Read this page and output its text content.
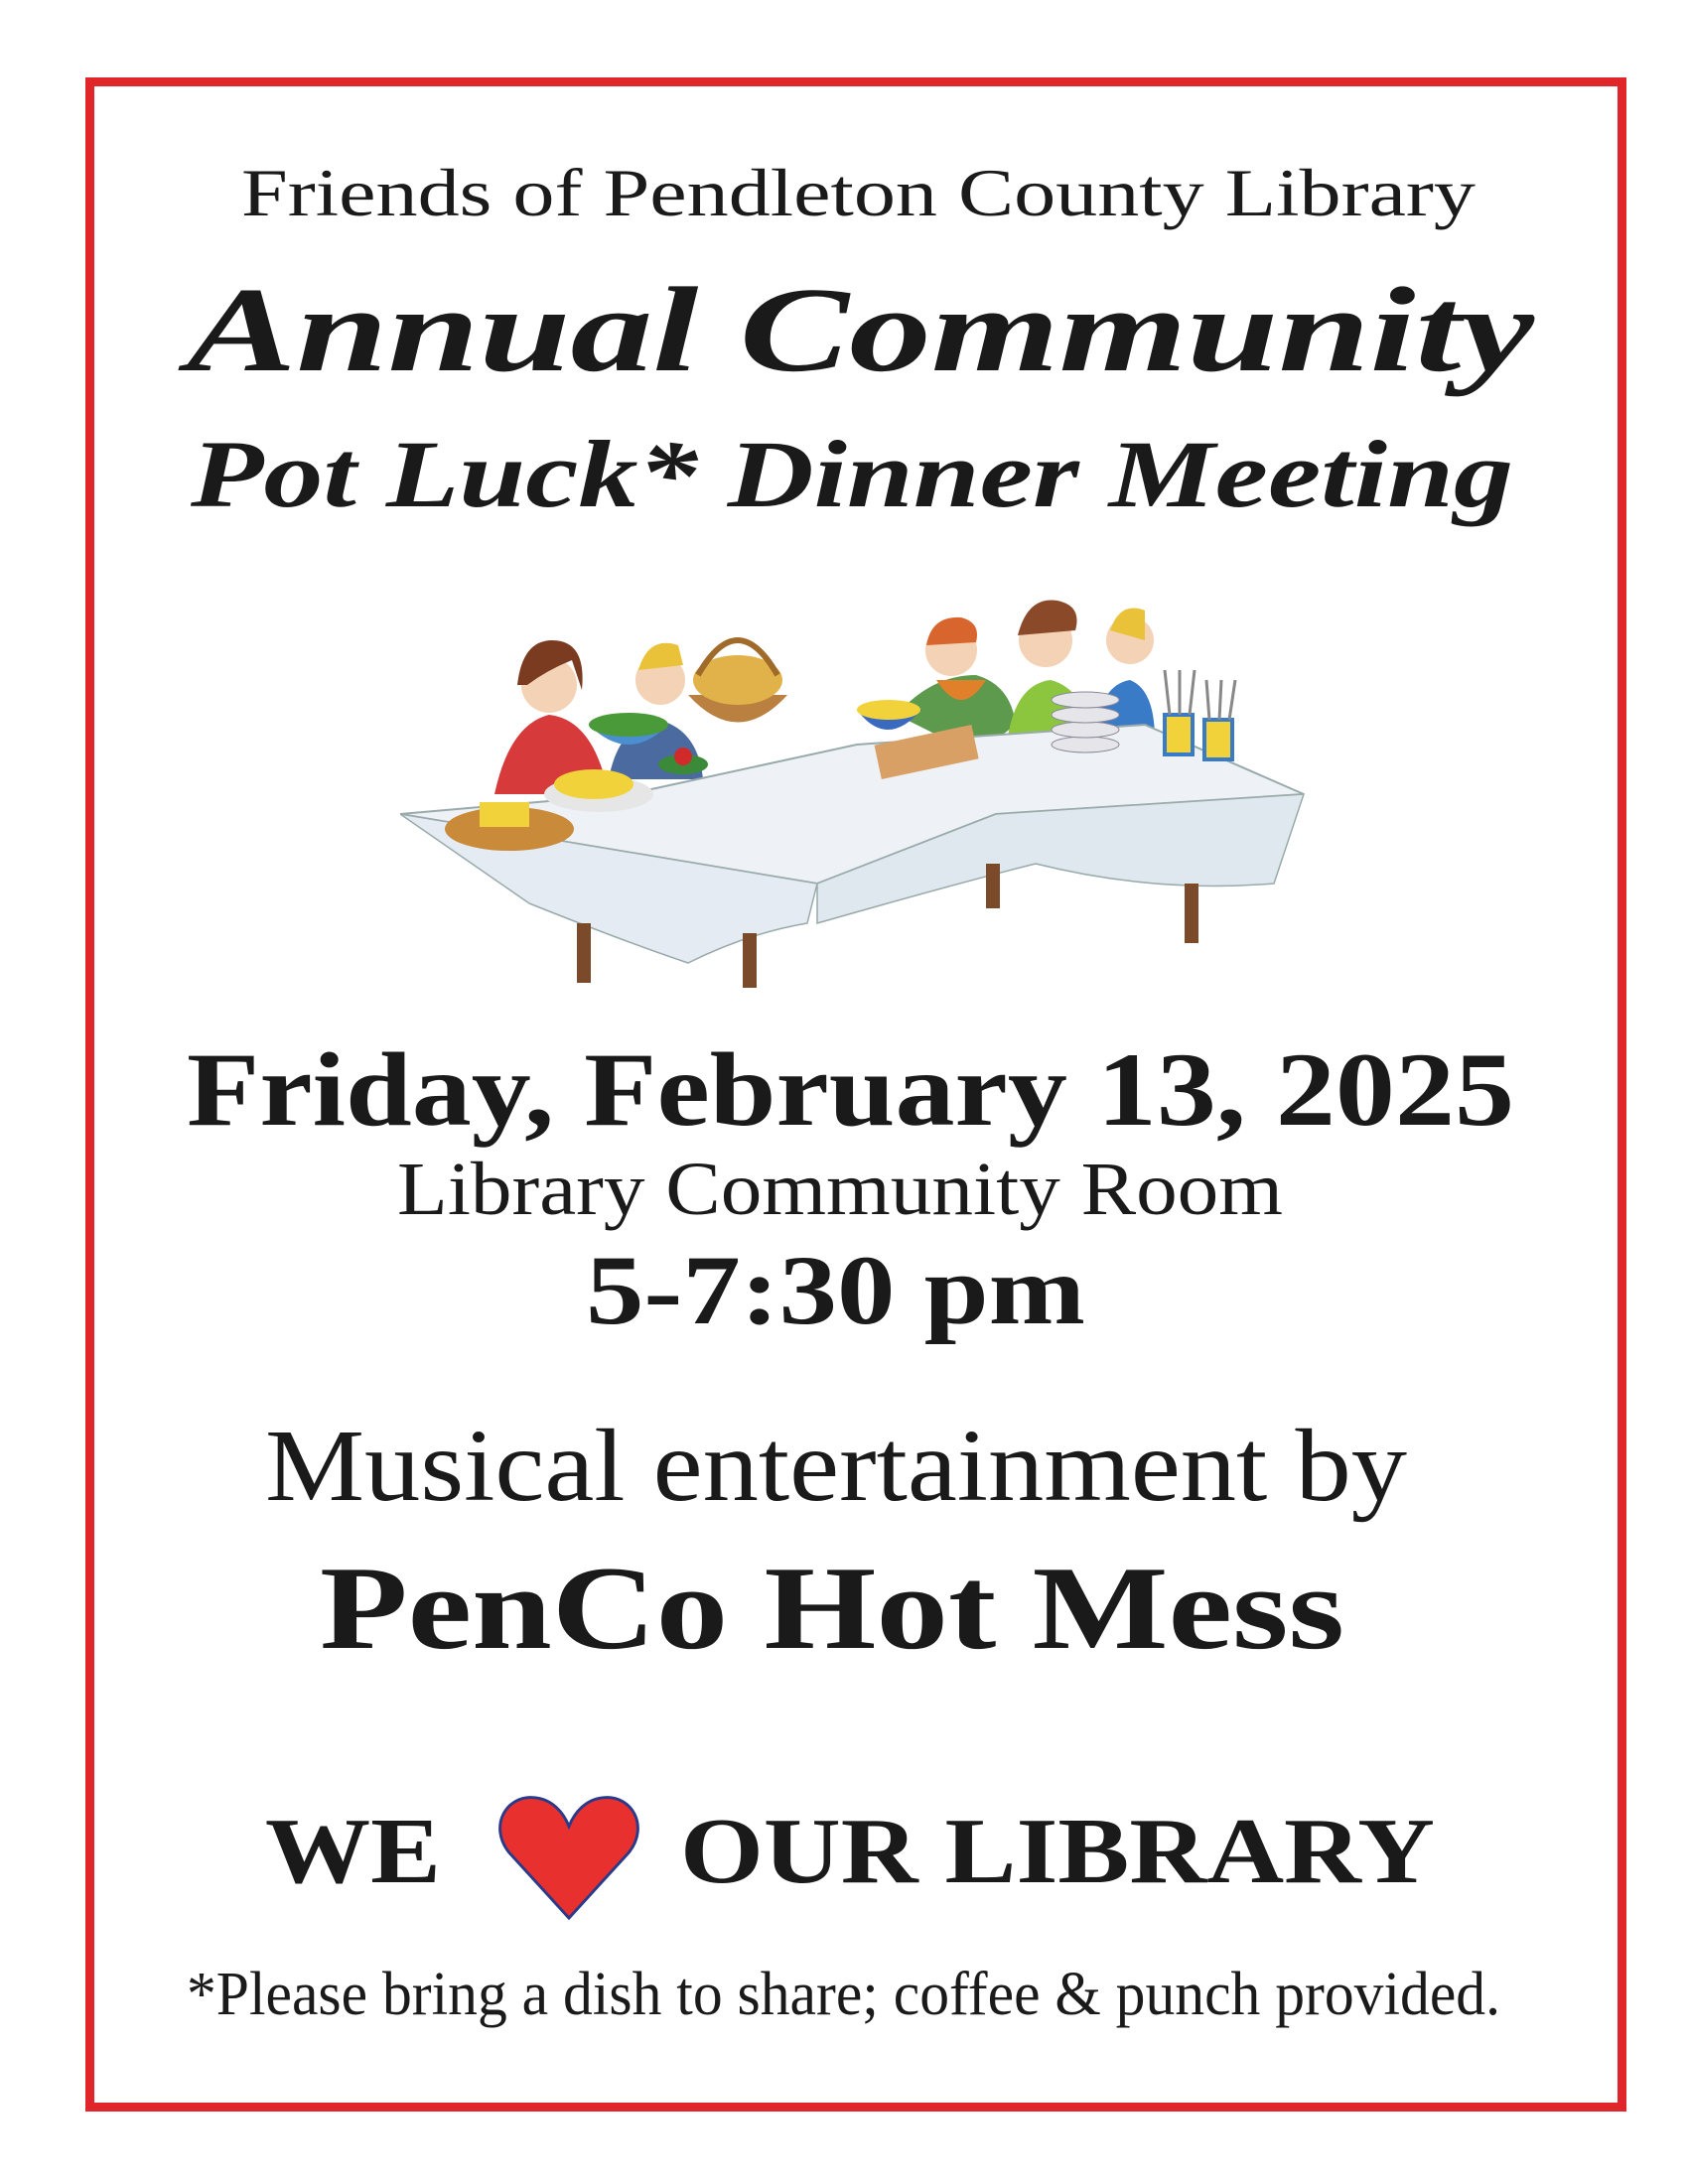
Friends of Pendleton County Library
Annual Community
Pot Luck* Dinner Meeting
Friday, February 13, 2025
Library Community Room
5-7:30 pm
Musical entertainment by
PenCo Hot Mess
WE	OUR LIBRARY
*Please bring a dish to share; coffee & punch provided.
